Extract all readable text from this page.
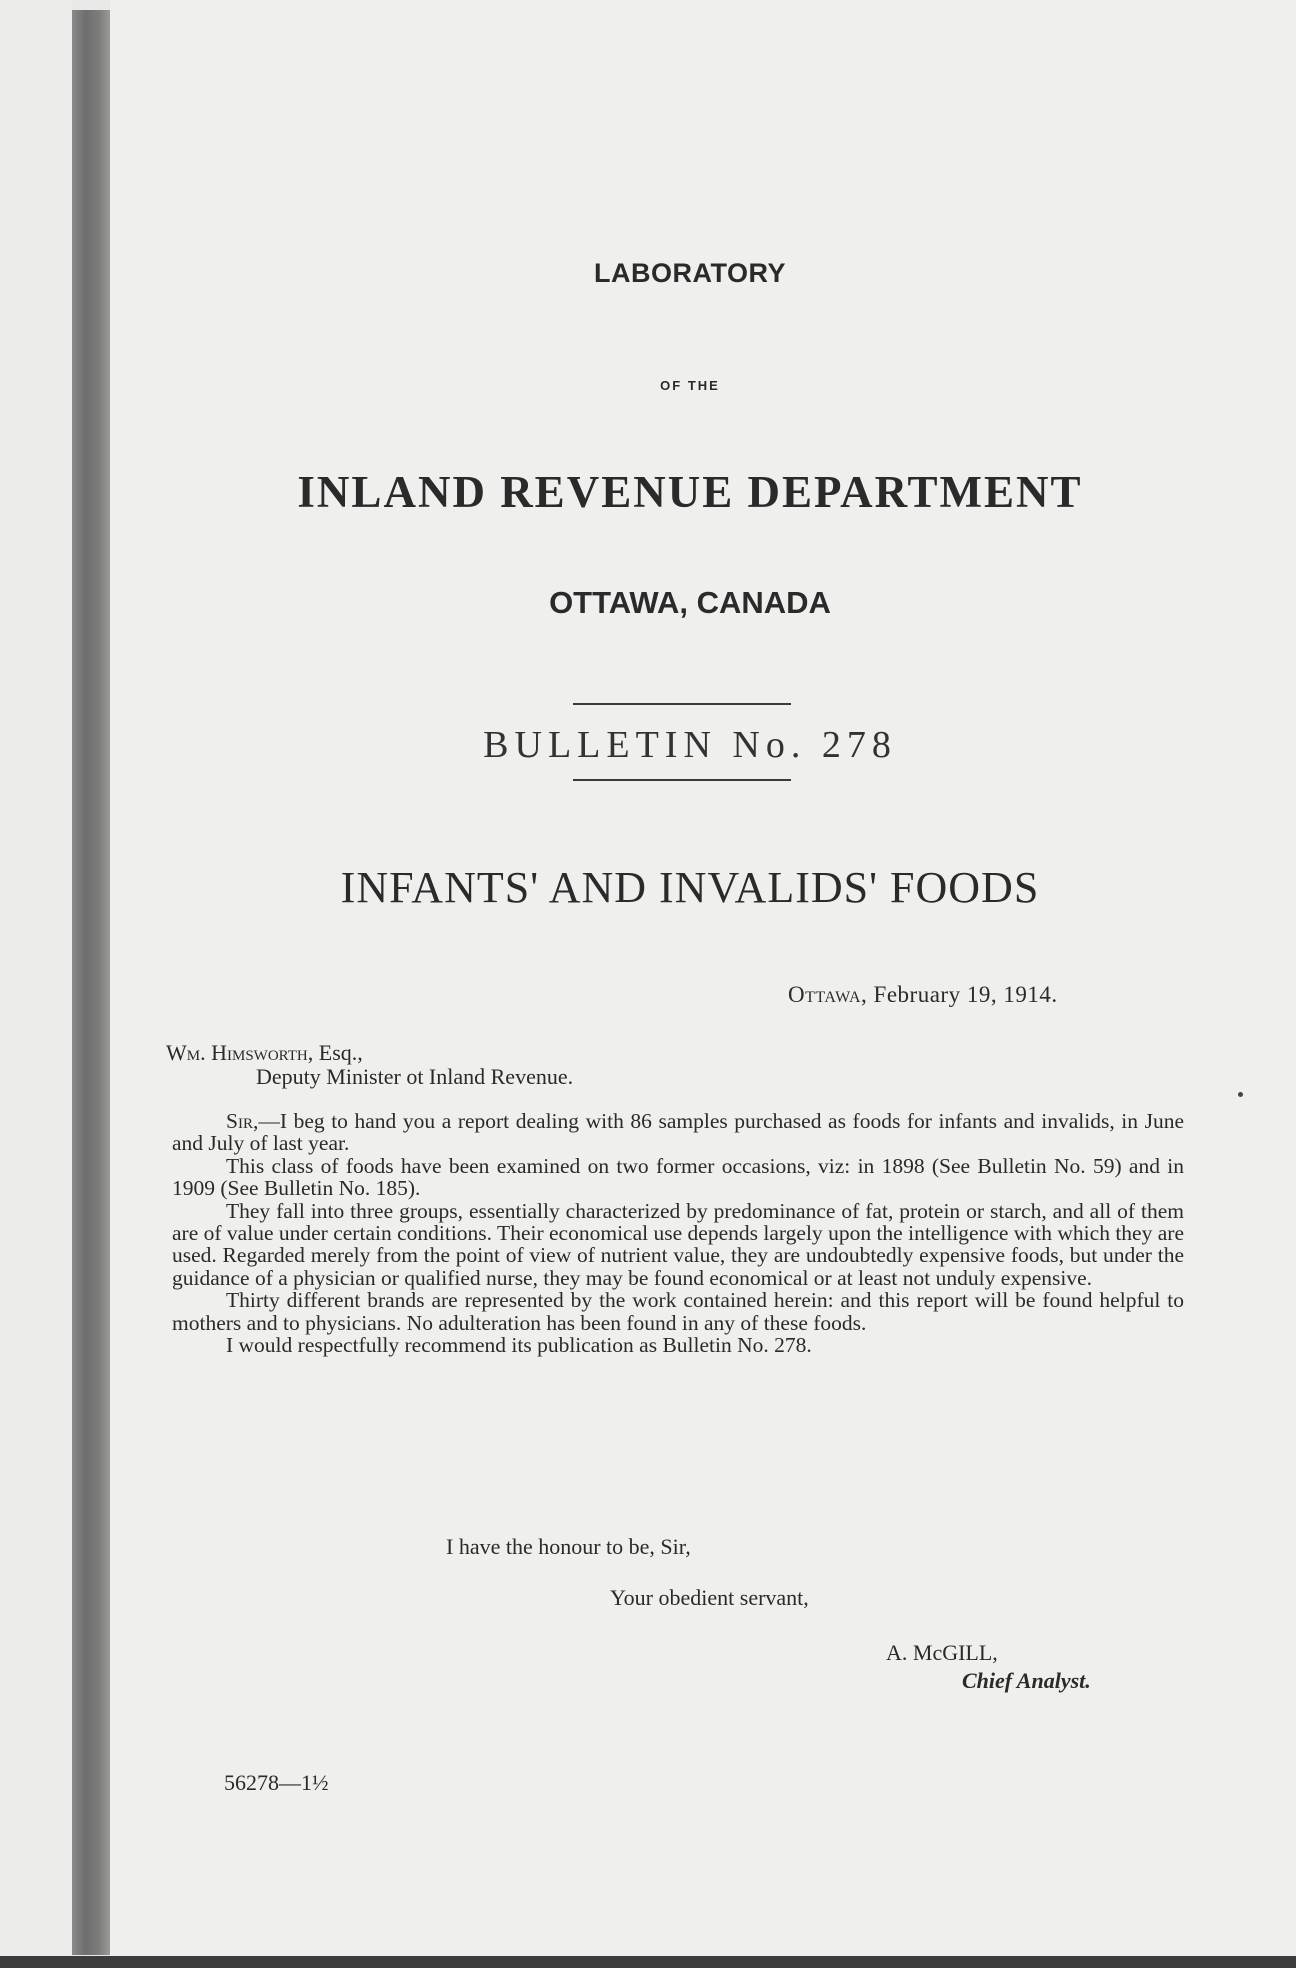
LABORATORY
OF THE
INLAND REVENUE DEPARTMENT
OTTAWA, CANADA
BULLETIN No. 278
INFANTS' AND INVALIDS' FOODS
Ottawa, February 19, 1914.
Wm. Himsworth, Esq.,
Deputy Minister ot Inland Revenue.

Sir,—I beg to hand you a report dealing with 86 samples purchased as foods for infants and invalids, in June and July of last year.

This class of foods have been examined on two former occasions, viz: in 1898 (See Bulletin No. 59) and in 1909 (See Bulletin No. 185).

They fall into three groups, essentially characterized by predominance of fat, protein or starch, and all of them are of value under certain conditions. Their economical use depends largely upon the intelligence with which they are used. Regarded merely from the point of view of nutrient value, they are undoubtedly expensive foods, but under the guidance of a physician or qualified nurse, they may be found economical or at least not unduly expensive.

Thirty different brands are represented by the work contained herein: and this report will be found helpful to mothers and to physicians. No adulteration has been found in any of these foods.

I would respectfully recommend its publication as Bulletin No. 278.

I have the honour to be, Sir,
Your obedient servant,
A. McGILL,
Chief Analyst.
56278—1½
